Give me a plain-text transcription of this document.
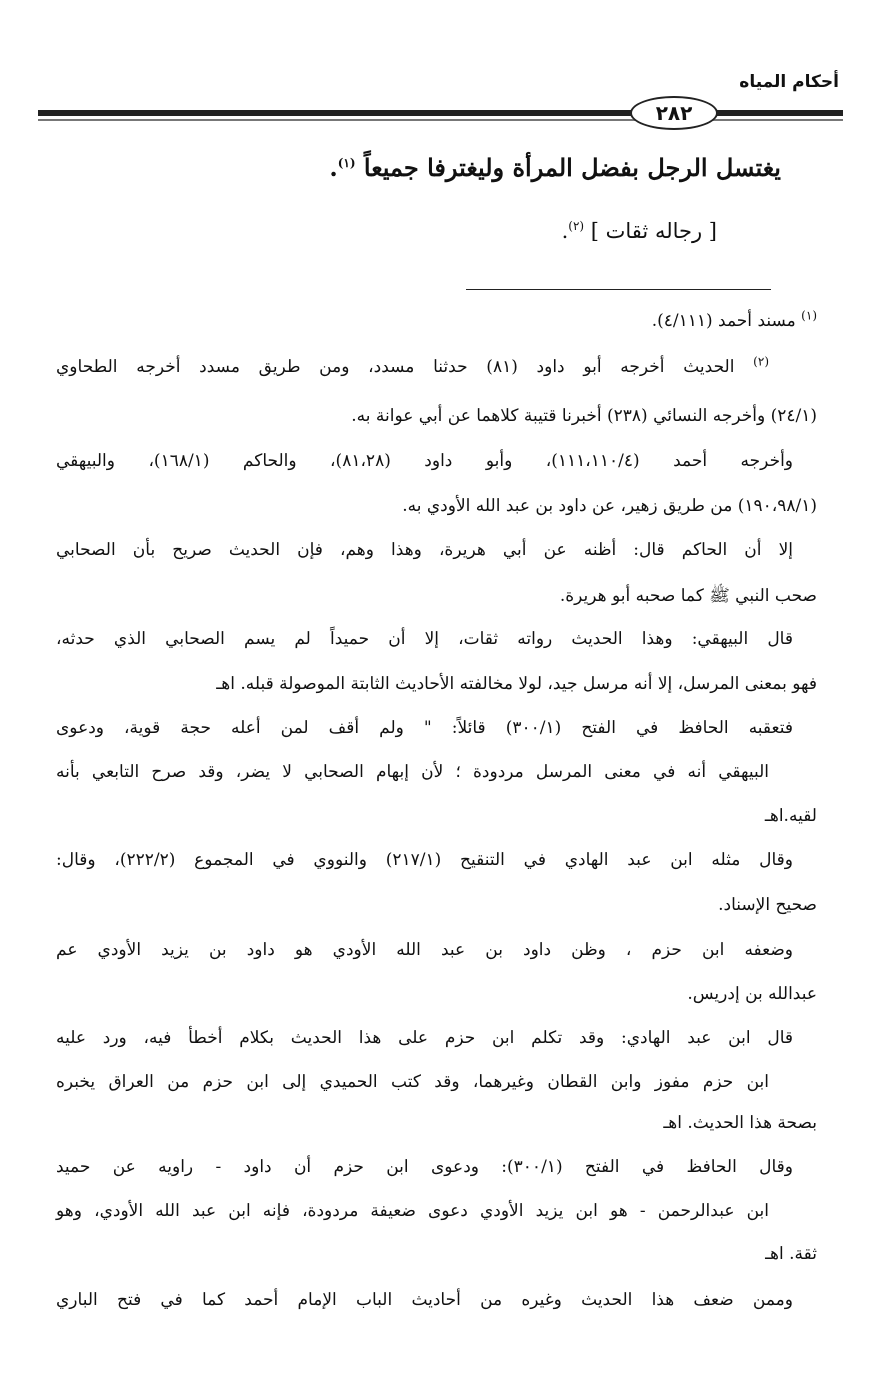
أحكام المياه
٢٨٢
يغتسل الرجل بفضل المرأة وليغترفا جميعاً $^{(١)}$.
[ رجاله ثقات ] $^{(٢)}$.
$^{(١)}$ مسند أحمد (٤/١١١).
$^{(٢)}$ الحديث أخرجه أبو داود (٨١) حدثنا مسدد، ومن طريق مسدد أخرجه الطحاوي
(٢٤/١) وأخرجه النسائي (٢٣٨) أخبرنا قتيبة كلاهما عن أبي عوانة به.
وأخرجه أحمد (١١١،١١٠/٤)، وأبو داود (٨١،٢٨)، والحاكم (١٦٨/١)، والبيهقي
(١٩٠،٩٨/١) من طريق زهير، عن داود بن عبد الله الأودي به.
إلا أن الحاكم قال: أظنه عن أبي هريرة، وهذا وهم، فإن الحديث صريح بأن الصحابي
صحب النبي ﷺ كما صحبه أبو هريرة.
قال البيهقي: وهذا الحديث رواته ثقات، إلا أن حميداً لم يسم الصحابي الذي حدثه،
فهو بمعنى المرسل، إلا أنه مرسل جيد، لولا مخالفته الأحاديث الثابتة الموصولة قبله. اهـ
فتعقبه الحافظ في الفتح (٣٠٠/١) قائلاً: " ولم أقف لمن أعله حجة قوية، ودعوى
البيهقي أنه في معنى المرسل مردودة ؛ لأن إبهام الصحابي لا يضر، وقد صرح التابعي بأنه
لقيه.اهـ
وقال مثله ابن عبد الهادي في التنقيح (٢١٧/١) والنووي في المجموع (٢٢٢/٢)، وقال:
صحيح الإسناد.
وضعفه ابن حزم ، وظن داود بن عبد الله الأودي هو داود بن يزيد الأودي عم
عبدالله بن إدريس.
قال ابن عبد الهادي: وقد تكلم ابن حزم على هذا الحديث بكلام أخطأ فيه، ورد عليه
ابن حزم مفوز وابن القطان وغيرهما، وقد كتب الحميدي إلى ابن حزم من العراق يخبره
بصحة هذا الحديث. اهـ
وقال الحافظ في الفتح (٣٠٠/١): ودعوى ابن حزم أن داود - راويه عن حميد
ابن عبدالرحمن - هو ابن يزيد الأودي دعوى ضعيفة مردودة، فإنه ابن عبد الله الأودي، وهو
ثقة. اهـ
وممن ضعف هذا الحديث وغيره من أحاديث الباب الإمام أحمد كما في فتح الباري
